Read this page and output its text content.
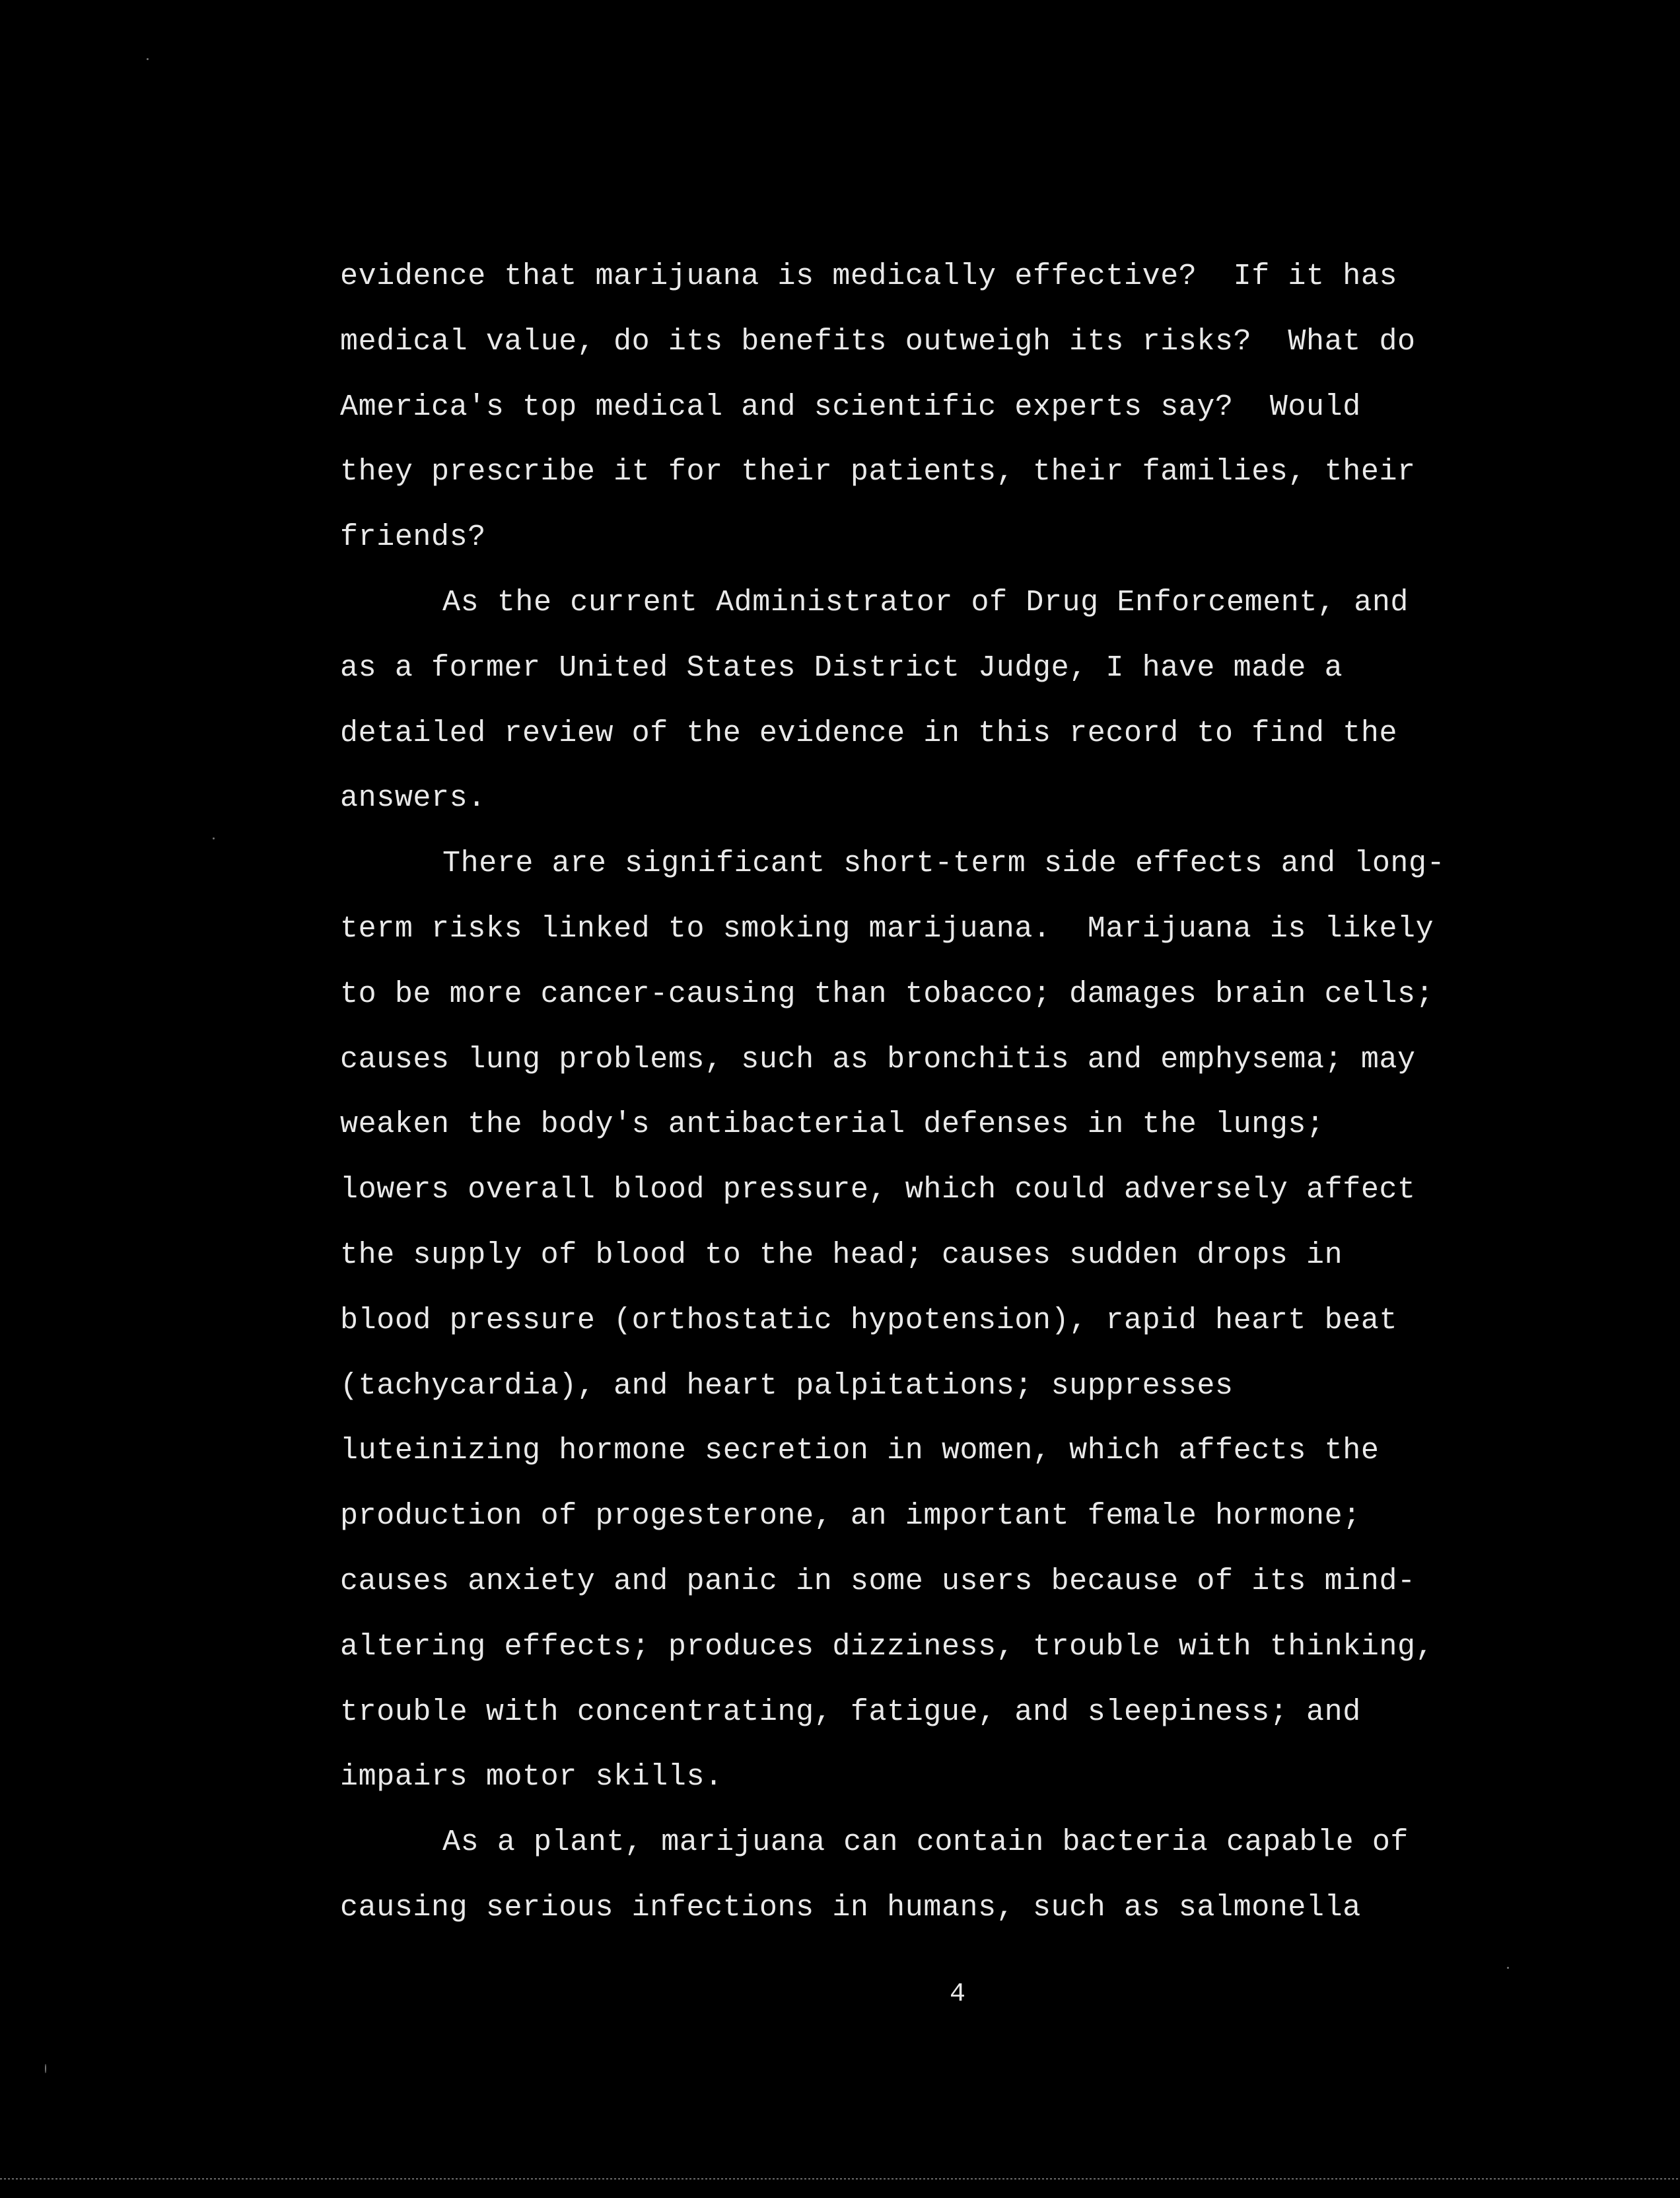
evidence that marijuana is medically effective?  If it has
medical value, do its benefits outweigh its risks?  What do
America's top medical and scientific experts say?  Would
they prescribe it for their patients, their families, their
friends?
As the current Administrator of Drug Enforcement, and
as a former United States District Judge, I have made a
detailed review of the evidence in this record to find the
answers.
There are significant short-term side effects and long-
term risks linked to smoking marijuana.  Marijuana is likely
to be more cancer-causing than tobacco; damages brain cells;
causes lung problems, such as bronchitis and emphysema; may
weaken the body's antibacterial defenses in the lungs;
lowers overall blood pressure, which could adversely affect
the supply of blood to the head; causes sudden drops in
blood pressure (orthostatic hypotension), rapid heart beat
(tachycardia), and heart palpitations; suppresses
luteinizing hormone secretion in women, which affects the
production of progesterone, an important female hormone;
causes anxiety and panic in some users because of its mind-
altering effects; produces dizziness, trouble with thinking,
trouble with concentrating, fatigue, and sleepiness; and
impairs motor skills.
As a plant, marijuana can contain bacteria capable of
causing serious infections in humans, such as salmonella
4
